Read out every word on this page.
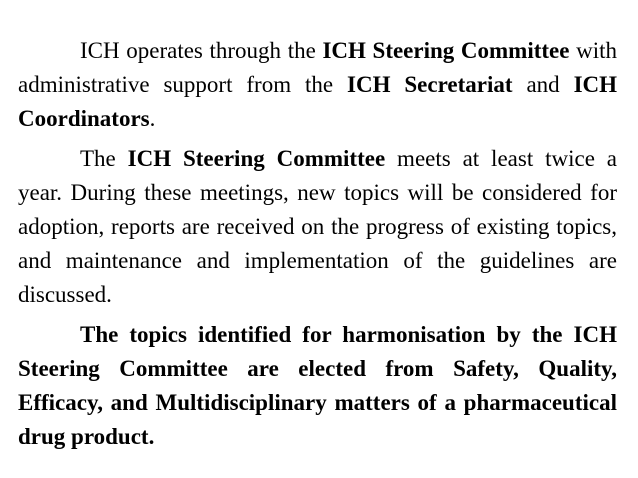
ICH operates through the ICH Steering Committee with administrative support from the ICH Secretariat and ICH Coordinators.

The ICH Steering Committee meets at least twice a year. During these meetings, new topics will be considered for adoption, reports are received on the progress of existing topics, and maintenance and implementation of the guidelines are discussed.

The topics identified for harmonisation by the ICH Steering Committee are elected from Safety, Quality, Efficacy, and Multidisciplinary matters of a pharmaceutical drug product.
